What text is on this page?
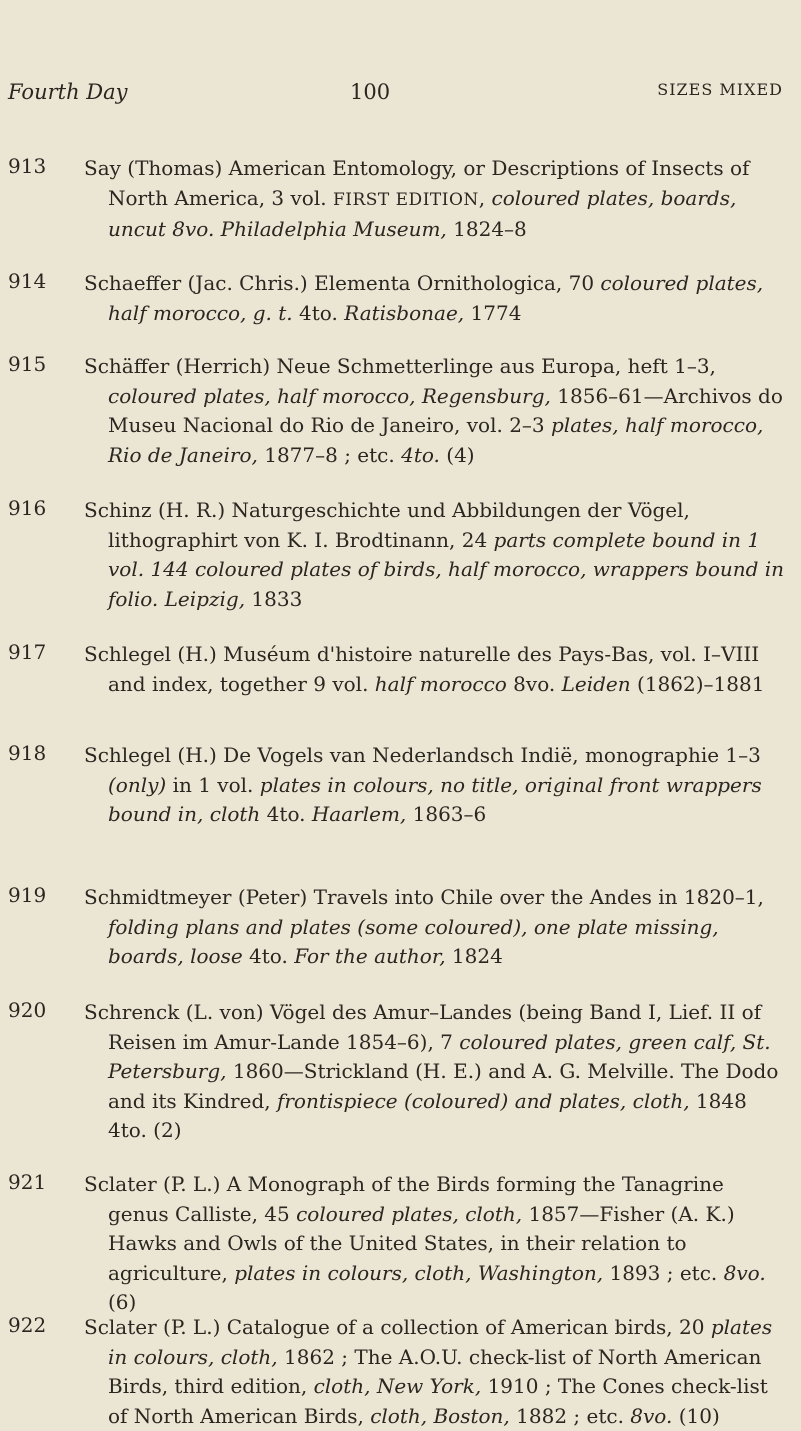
Fourth Day	100	SIZES MIXED
913 Say (Thomas) American Entomology, or Descriptions of Insects of North America, 3 vol. FIRST EDITION, coloured plates, boards, uncut 8vo. Philadelphia Museum, 1824–8
914 Schaeffer (Jac. Chris.) Elementa Ornithologica, 70 coloured plates, half morocco, g. t. 4to. Ratisbonae, 1774
915 Schäffer (Herrich) Neue Schmetterlinge aus Europa, heft 1–3, coloured plates, half morocco, Regensburg, 1856–61—Archivos do Museu Nacional do Rio de Janeiro, vol. 2–3 plates, half morocco, Rio de Janeiro, 1877–8 ; etc. 4to. (4)
916 Schinz (H. R.) Naturgeschichte und Abbildungen der Vögel, lithographirt von K. I. Brodtinann, 24 parts complete bound in 1 vol. 144 coloured plates of birds, half morocco, wrappers bound in folio. Leipzig, 1833
917 Schlegel (H.) Muséum d'histoire naturelle des Pays-Bas, vol. I–VIII and index, together 9 vol. half morocco 8vo. Leiden (1862)–1881
918 Schlegel (H.) De Vogels van Nederlandsch Indië, monographie 1–3 (only) in 1 vol. plates in colours, no title, original front wrappers bound in, cloth 4to. Haarlem, 1863–6
919 Schmidtmeyer (Peter) Travels into Chile over the Andes in 1820–1, folding plans and plates (some coloured), one plate missing, boards, loose 4to. For the author, 1824
920 Schrenck (L. von) Vögel des Amur–Landes (being Band I, Lief. II of Reisen im Amur-Lande 1854–6), 7 coloured plates, green calf, St. Petersburg, 1860—Strickland (H. E.) and A. G. Melville. The Dodo and its Kindred, frontispiece (coloured) and plates, cloth, 1848 4to. (2)
921 Sclater (P. L.) A Monograph of the Birds forming the Tanagrine genus Calliste, 45 coloured plates, cloth, 1857—Fisher (A. K.) Hawks and Owls of the United States, in their relation to agriculture, plates in colours, cloth, Washington, 1893 ; etc. 8vo. (6)
922 Sclater (P. L.) Catalogue of a collection of American birds, 20 plates in colours, cloth, 1862 ; The A.O.U. check-list of North American Birds, third edition, cloth, New York, 1910 ; The Cones check-list of North American Birds, cloth, Boston, 1882 ; etc. 8vo. (10)
